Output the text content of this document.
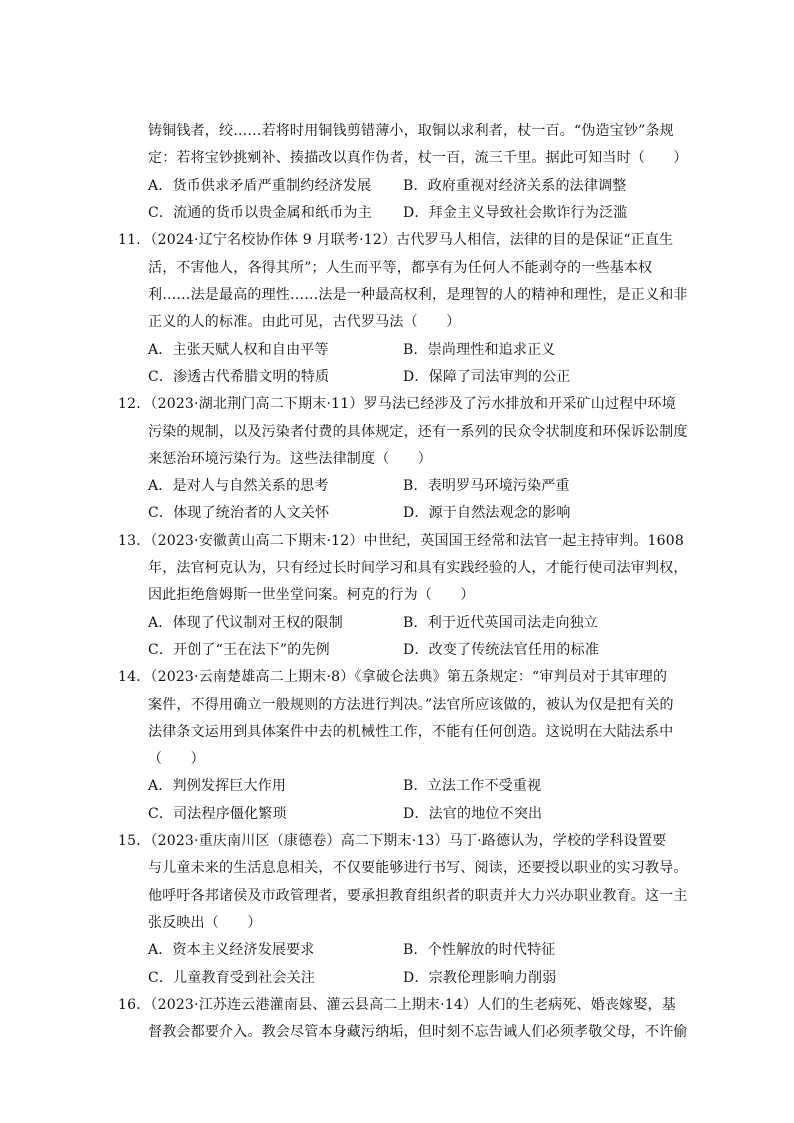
铸铜钱者，绞……若将时用铜钱剪错薄小，取铜以求利者，杖一百。“伪造宝钞”条规
定：若将宝钞挑剜补、揍描改以真作伪者，杖一百，流三千里。据此可知当时（　　）
A．货币供求矛盾严重制约经济发展 B．政府重视对经济关系的法律调整
C．流通的货币以贵金属和纸币为主 D．拜金主义导致社会欺诈行为泛滥
11．（2024·辽宁名校协作体 9 月联考·12）古代罗马人相信，法律的目的是保证“正直生
活，不害他人，各得其所”；人生而平等，都享有为任何人不能剥夺的一些基本权
利……法是最高的理性……法是一种最高权利，是理智的人的精神和理性，是正义和非
正义的人的标准。由此可见，古代罗马法（　　）
A．主张天赋人权和自由平等	B．崇尚理性和追求正义
C．渗透古代希腊文明的特质	D．保障了司法审判的公正
12．（2023·湖北荆门高二下期末·11）罗马法已经涉及了污水排放和开采矿山过程中环境
污染的规制，以及污染者付费的具体规定，还有一系列的民众令状制度和环保诉讼制度
来惩治环境污染行为。这些法律制度（　　）
A．是对人与自然关系的思考	B．表明罗马环境污染严重
C．体现了统治者的人文关怀	D．源于自然法观念的影响
13．（2023·安徽黄山高二下期末·12）中世纪，英国国王经常和法官一起主持审判。1608
年，法官柯克认为，只有经过长时间学习和具有实践经验的人，才能行使司法审判权，
因此拒绝詹姆斯一世坐堂问案。柯克的行为（　　）
A．体现了代议制对王权的限制	B．利于近代英国司法走向独立
C．开创了“王在法下”的先例	D．改变了传统法官任用的标准
14．（2023·云南楚雄高二上期末·8）《拿破仑法典》第五条规定：“审判员对于其审理的
案件，不得用确立一般规则的方法进行判决。”法官所应该做的，被认为仅是把有关的
法律条文运用到具体案件中去的机械性工作，不能有任何创造。这说明在大陆法系中
（　　）
A．判例发挥巨大作用	B．立法工作不受重视
C．司法程序僵化繁琐	D．法官的地位不突出
15．（2023·重庆南川区（康德卷）高二下期末·13）马丁·路德认为，学校的学科设置要
与儿童未来的生活息息相关，不仅要能够进行书写、阅读，还要授以职业的实习教导。
他呼吁各邦诸侯及市政管理者，要承担教育组织者的职责并大力兴办职业教育。这一主
张反映出（　　）
A．资本主义经济发展要求	B．个性解放的时代特征
C．儿童教育受到社会关注	D．宗教伦理影响力削弱
16．（2023·江苏连云港灌南县、灌云县高二上期末·14）人们的生老病死、婚丧嫁娶，基
督教会都要介入。教会尽管本身藏污纳垢，但时刻不忘告诫人们必须孝敬父母，不许偷
